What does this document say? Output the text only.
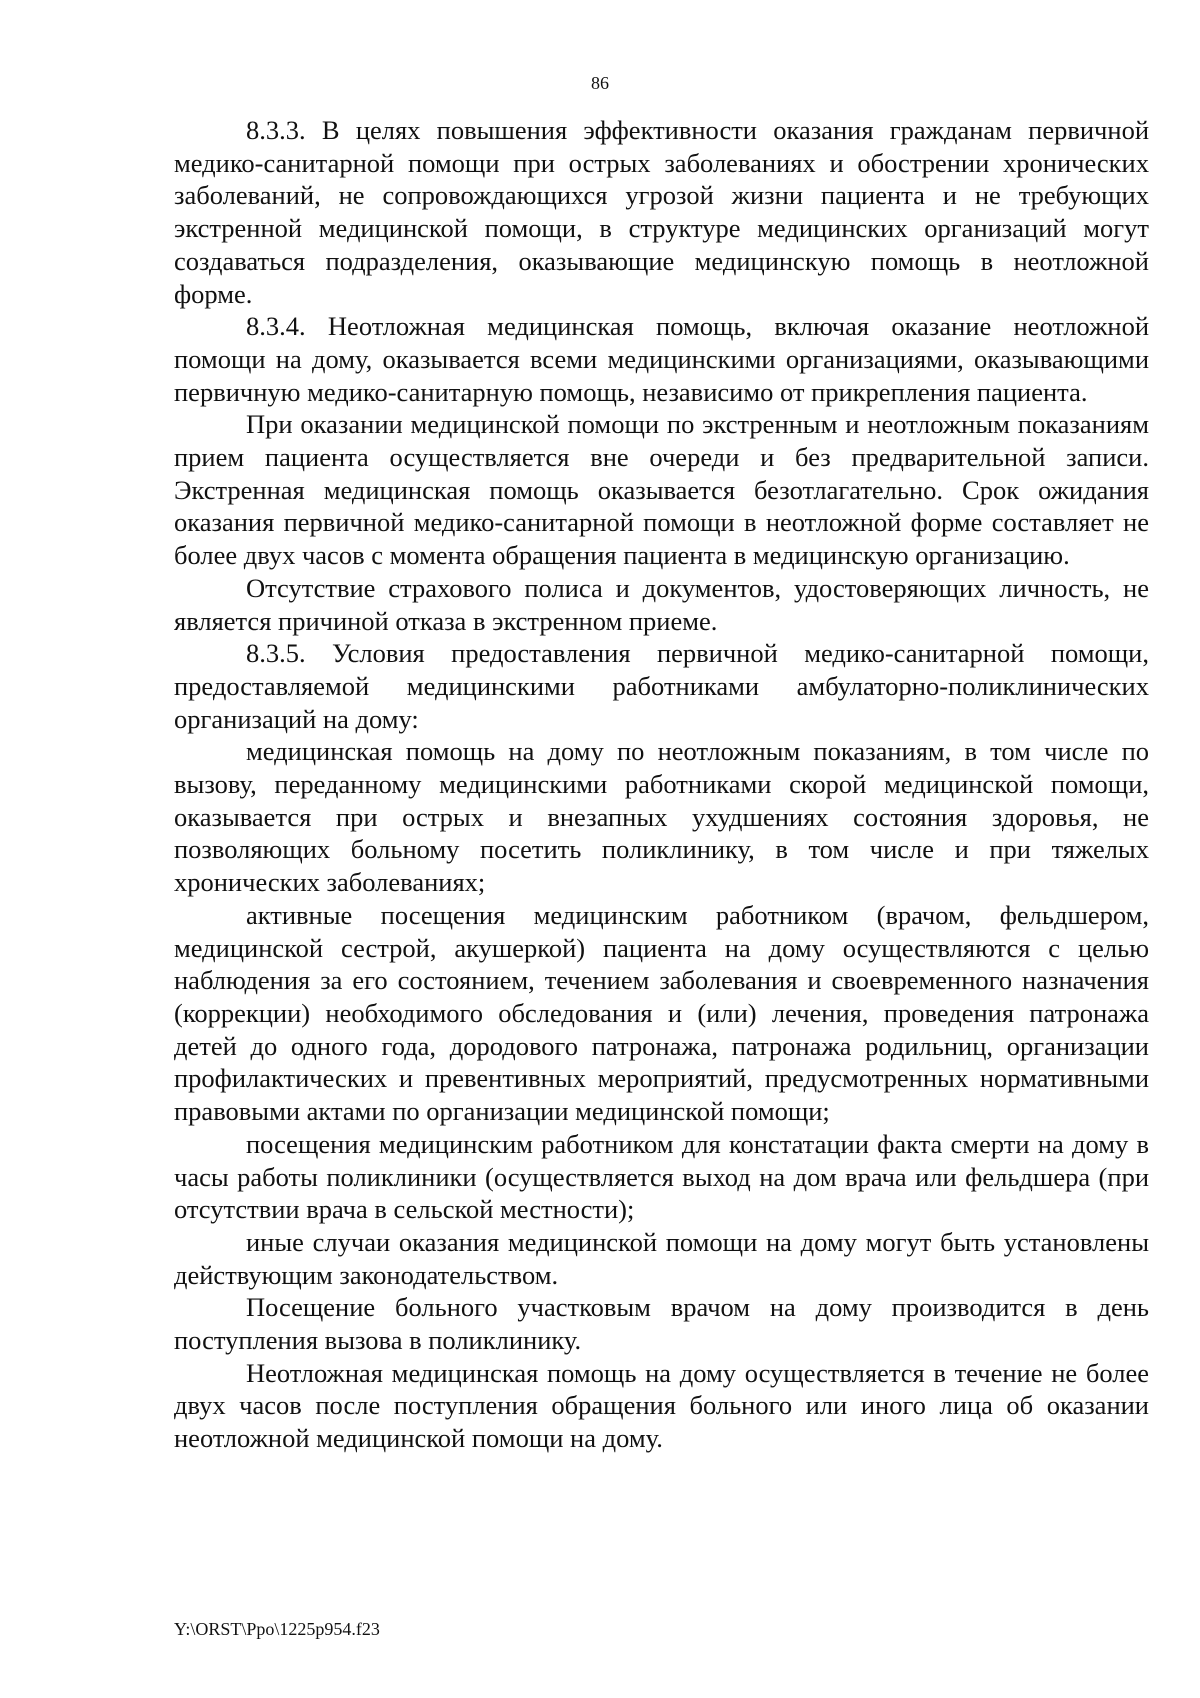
86

8.3.3. В целях повышения эффективности оказания гражданам первичной медико-санитарной помощи при острых заболеваниях и обострении хронических заболеваний, не сопровождающихся угрозой жизни пациента и не требующих экстренной медицинской помощи, в структуре медицинских организаций могут создаваться подразделения, оказывающие медицинскую помощь в неотложной форме.

8.3.4. Неотложная медицинская помощь, включая оказание неотложной помощи на дому, оказывается всеми медицинскими организациями, оказывающими первичную медико-санитарную помощь, независимо от прикрепления пациента.

При оказании медицинской помощи по экстренным и неотложным показаниям прием пациента осуществляется вне очереди и без предварительной записи. Экстренная медицинская помощь оказывается безотлагательно. Срок ожидания оказания первичной медико-санитарной помощи в неотложной форме составляет не более двух часов с момента обращения пациента в медицинскую организацию.

Отсутствие страхового полиса и документов, удостоверяющих личность, не является причиной отказа в экстренном приеме.

8.3.5. Условия предоставления первичной медико-санитарной помощи, предоставляемой медицинскими работниками амбулаторно-поликлинических организаций на дому:

медицинская помощь на дому по неотложным показаниям, в том числе по вызову, переданному медицинскими работниками скорой медицинской помощи, оказывается при острых и внезапных ухудшениях состояния здоровья, не позволяющих больному посетить поликлинику, в том числе и при тяжелых хронических заболеваниях;

активные посещения медицинским работником (врачом, фельдшером, медицинской сестрой, акушеркой) пациента на дому осуществляются с целью наблюдения за его состоянием, течением заболевания и своевременного назначения (коррекции) необходимого обследования и (или) лечения, проведения патронажа детей до одного года, дородового патронажа, патронажа родильниц, организации профилактических и превентивных мероприятий, предусмотренных нормативными правовыми актами по организации медицинской помощи;

посещения медицинским работником для констатации факта смерти на дому в часы работы поликлиники (осуществляется выход на дом врача или фельдшера (при отсутствии врача в сельской местности);

иные случаи оказания медицинской помощи на дому могут быть установлены действующим законодательством.

Посещение больного участковым врачом на дому производится в день поступления вызова в поликлинику.

Неотложная медицинская помощь на дому осуществляется в течение не более двух часов после поступления обращения больного или иного лица об оказании неотложной медицинской помощи на дому.

Y:\ORST\Ppo\1225p954.f23
